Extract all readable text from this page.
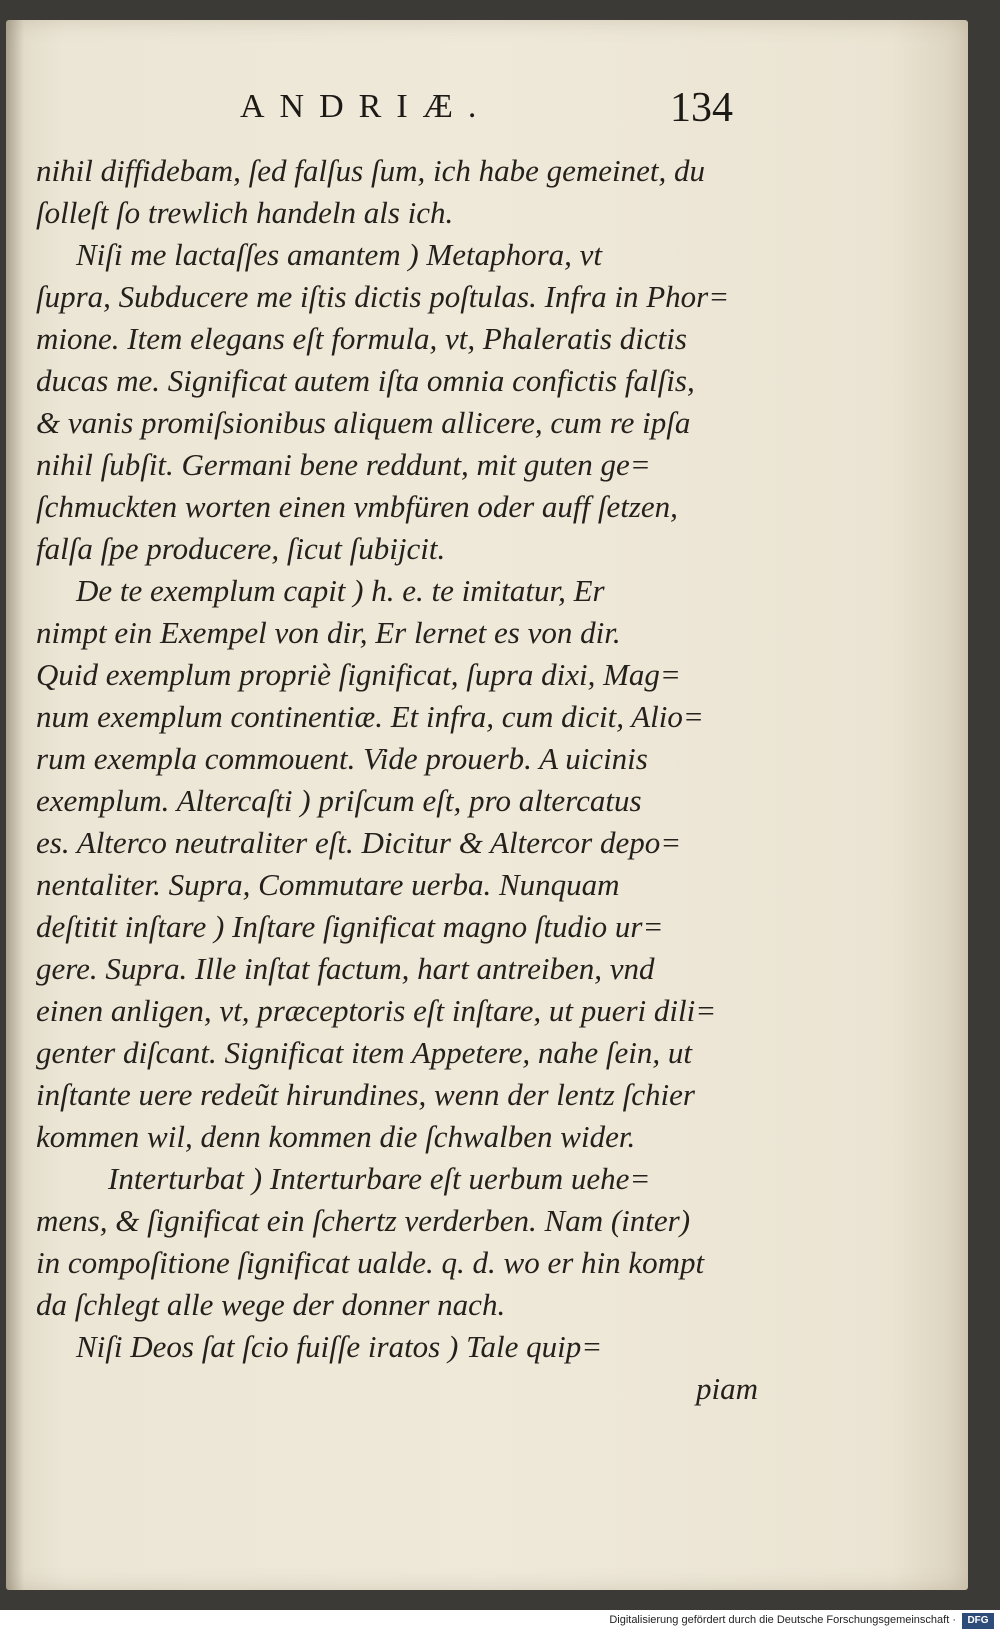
ANDRIÆ.	134
nihil diffidebam, ſed falſus ſum, ich habe gemeinet, du
ſolleſt ſo trewlich handeln als ich.
Niſi me lactaſſes amantem ) Metaphora, vt
ſupra, Subducere me iſtis dictis poſtulas. Infra in Phor=
mione. Item elegans eſt formula, vt, Phaleratis dictis
ducas me. Significat autem iſta omnia confictis falſis,
& vanis promiſsionibus aliquem allicere, cum re ipſa
nihil ſubſit. Germani bene reddunt, mit guten ge=
ſchmuckten worten einen vmbfüren oder auff ſetzen,
falſa ſpe producere, ſicut ſubijcit.
De te exemplum capit ) h. e. te imitatur, Er
nimpt ein Exempel von dir, Er lernet es von dir.
Quid exemplum propriè ſignificat, ſupra dixi, Mag=
num exemplum continentiæ. Et infra, cum dicit, Alio=
rum exempla commouent. Vide prouerb. A uicinis
exemplum. Altercaſti ) priſcum eſt, pro altercatus
es. Alterco neutraliter eſt. Dicitur & Altercor depo=
nentaliter. Supra, Commutare uerba. Nunquam
deſtitit inſtare ) Inſtare ſignificat magno ſtudio ur=
gere. Supra. Ille inſtat factum, hart antreiben, vnd
einen anligen, vt, præceptoris eſt inſtare, ut pueri dili=
genter diſcant. Significat item Appetere, nahe ſein, ut
inſtante uere redeũt hirundines, wenn der lentz ſchier
kommen wil, denn kommen die ſchwalben wider.
Interturbat ) Interturbare eſt uerbum uehe=
mens, & ſignificat ein ſchertz verderben. Nam (inter)
in compoſitione ſignificat ualde. q. d. wo er hin kompt
da ſchlegt alle wege der donner nach.
Niſi Deos ſat ſcio fuiſſe iratos ) Tale quip=
piam
Digitalisierung gefördert durch die Deutsche Forschungsgemeinschaft ·	DFG
